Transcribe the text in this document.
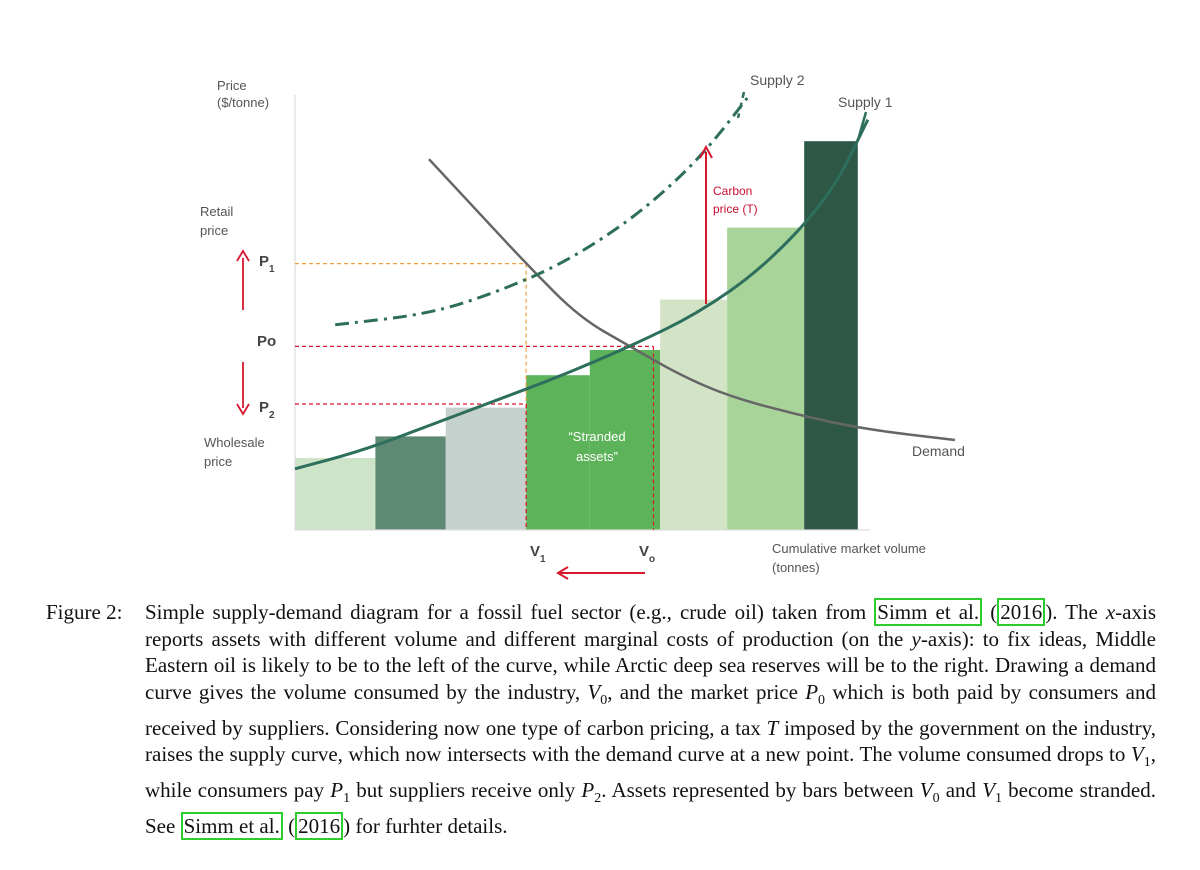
Price
($/tonne)
Retail
price
Wholesale
price
$P_1$
Po
$P_2$
$V_1$	$V_o$
Cumulative market volume
(tonnes)
Supply 2
Supply 1
Demand
Carbon
price (T)
“Stranded
assets”
Figure 2: Simple supply-demand diagram for a fossil fuel sector (e.g., crude oil) taken from Simm et al. ( 2016 ). The x-axis reports assets with different volume and different marginal costs of production (on the y-axis): to fix ideas, Middle Eastern oil is likely to be to the left of the curve, while Arctic deep sea reserves will be to the right. Drawing a demand curve gives the volume consumed by the industry, $V_0$, and the market price $P_0$ which is both paid by consumers and received by suppliers. Considering now one type of carbon pricing, a tax T imposed by the government on the industry, raises the supply curve, which now intersects with the demand curve at a new point. The volume consumed drops to $V_1$, while consumers pay $P_1$ but suppliers receive only $P_2$. Assets represented by bars between $V_0$ and $V_1$ become stranded. See Simm et al. ( 2016 ) for furhter details.
